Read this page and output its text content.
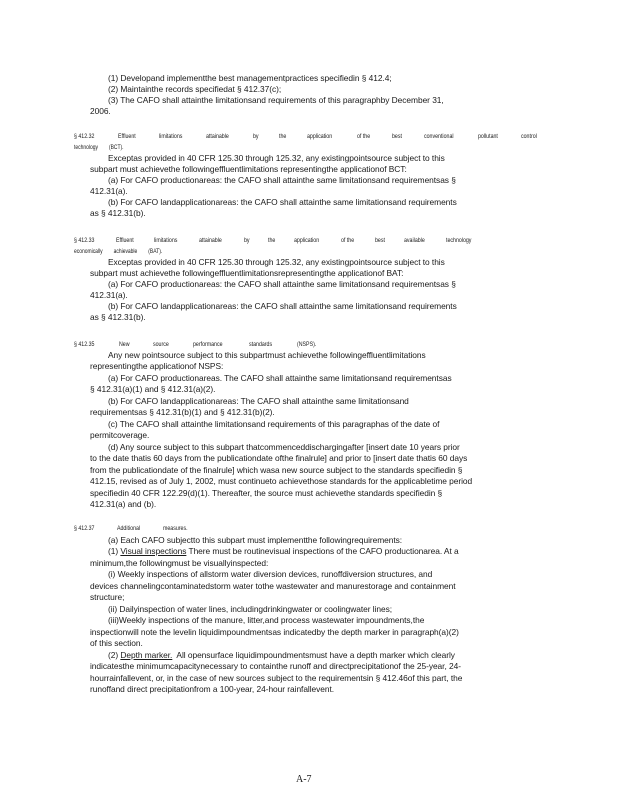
(1) Developand implementthe best managementpractices specifiedin § 412.4;
(2) Maintainthe records specifiedat § 412.37(c);
(3) The CAFO shall attainthe limitationsand requirements of this paragraphby December 31,
2006.
§ 412.32	Effluent	limitations	attainable	by	the	application	of the	best	conventional	pollutant	control
technology        (BCT).
Exceptas provided in 40 CFR 125.30 through 125.32, any existingpointsource subject to this
subpart must achievethe followingeffluentlimitations representingthe applicationof BCT:
(a) For CAFO productionareas: the CAFO shall attainthe same limitationsand requirementsas §
412.31(a).
(b) For CAFO landapplicationareas: the CAFO shall attainthe same limitationsand requirements
as § 412.31(b).
§ 412.33	Effluent	limitations	attainable	by	the	application	of the	best	available	technology
economically        achievable        (BAT).
Exceptas provided in 40 CFR 125.30 through 125.32, any existingpointsource subject to this
subpart must achievethe followingeffluentlimitationsrepresentingthe applicationof BAT:
(a) For CAFO productionareas: the CAFO shall attainthe same limitationsand requirementsas §
412.31(a).
(b) For CAFO landapplicationareas: the CAFO shall attainthe same limitationsand requirements
as § 412.31(b).
§ 412.35	New	source	performance	standards	(NSPS).
Any new pointsource subject to this subpartmust achievethe followingeffluentlimitations
representingthe applicationof NSPS:
(a) For CAFO productionareas. The CAFO shall attainthe same limitationsand requirementsas
§ 412.31(a)(1) and § 412.31(a)(2).
(b) For CAFO landapplicationareas: The CAFO shall attainthe same limitationsand
requirementsas § 412.31(b)(1) and § 412.31(b)(2).
(c) The CAFO shall attainthe limitationsand requirements of this paragraphas of the date of
permitcoverage.
(d) Any source subject to this subpart thatcommenceddischargingafter [insert date 10 years prior
to the date thatis 60 days from the publicationdate ofthe finalrule] and prior to [insert date thatis 60 days
from the publicationdate of the finalrule] which wasa new source subject to the standards specifiedin §
412.15, revised as of July 1, 2002, must continueto achievethose standards for the applicabletime period
specifiedin 40 CFR 122.29(d)(1). Thereafter, the source must achievethe standards specifiedin §
412.31(a) and (b).
§ 412.37	Additional	measures.
(a) Each CAFO subjectto this subpart must implementthe followingrequirements:
(1) Visual inspections There must be routinevisual inspections of the CAFO productionarea. At a
minimum,the followingmust be visuallyinspected:
(i) Weekly inspections of allstorm water diversion devices, runoffdiversion structures, and
devices channelingcontaminatedstorm water tothe wastewater and manurestorage and containment
structure;
(ii) Dailyinspection of water lines, includingdrinkingwater or coolingwater lines;
(iii)Weekly inspections of the manure, litter,and process wastewater impoundments,the
inspectionwill note the levelin liquidimpoundmentsas indicatedby the depth marker in paragraph(a)(2)
of this section.
(2) Depth marker.  All opensurface liquidimpoundmentsmust have a depth marker which clearly
indicatesthe minimumcapacitynecessary to containthe runoff and directprecipitationof the 25-year, 24-
hourrainfallevent, or, in the case of new sources subject to the requirementsin § 412.46of this part, the
runoffand direct precipitationfrom a 100-year, 24-hour rainfallevent.
A-7
